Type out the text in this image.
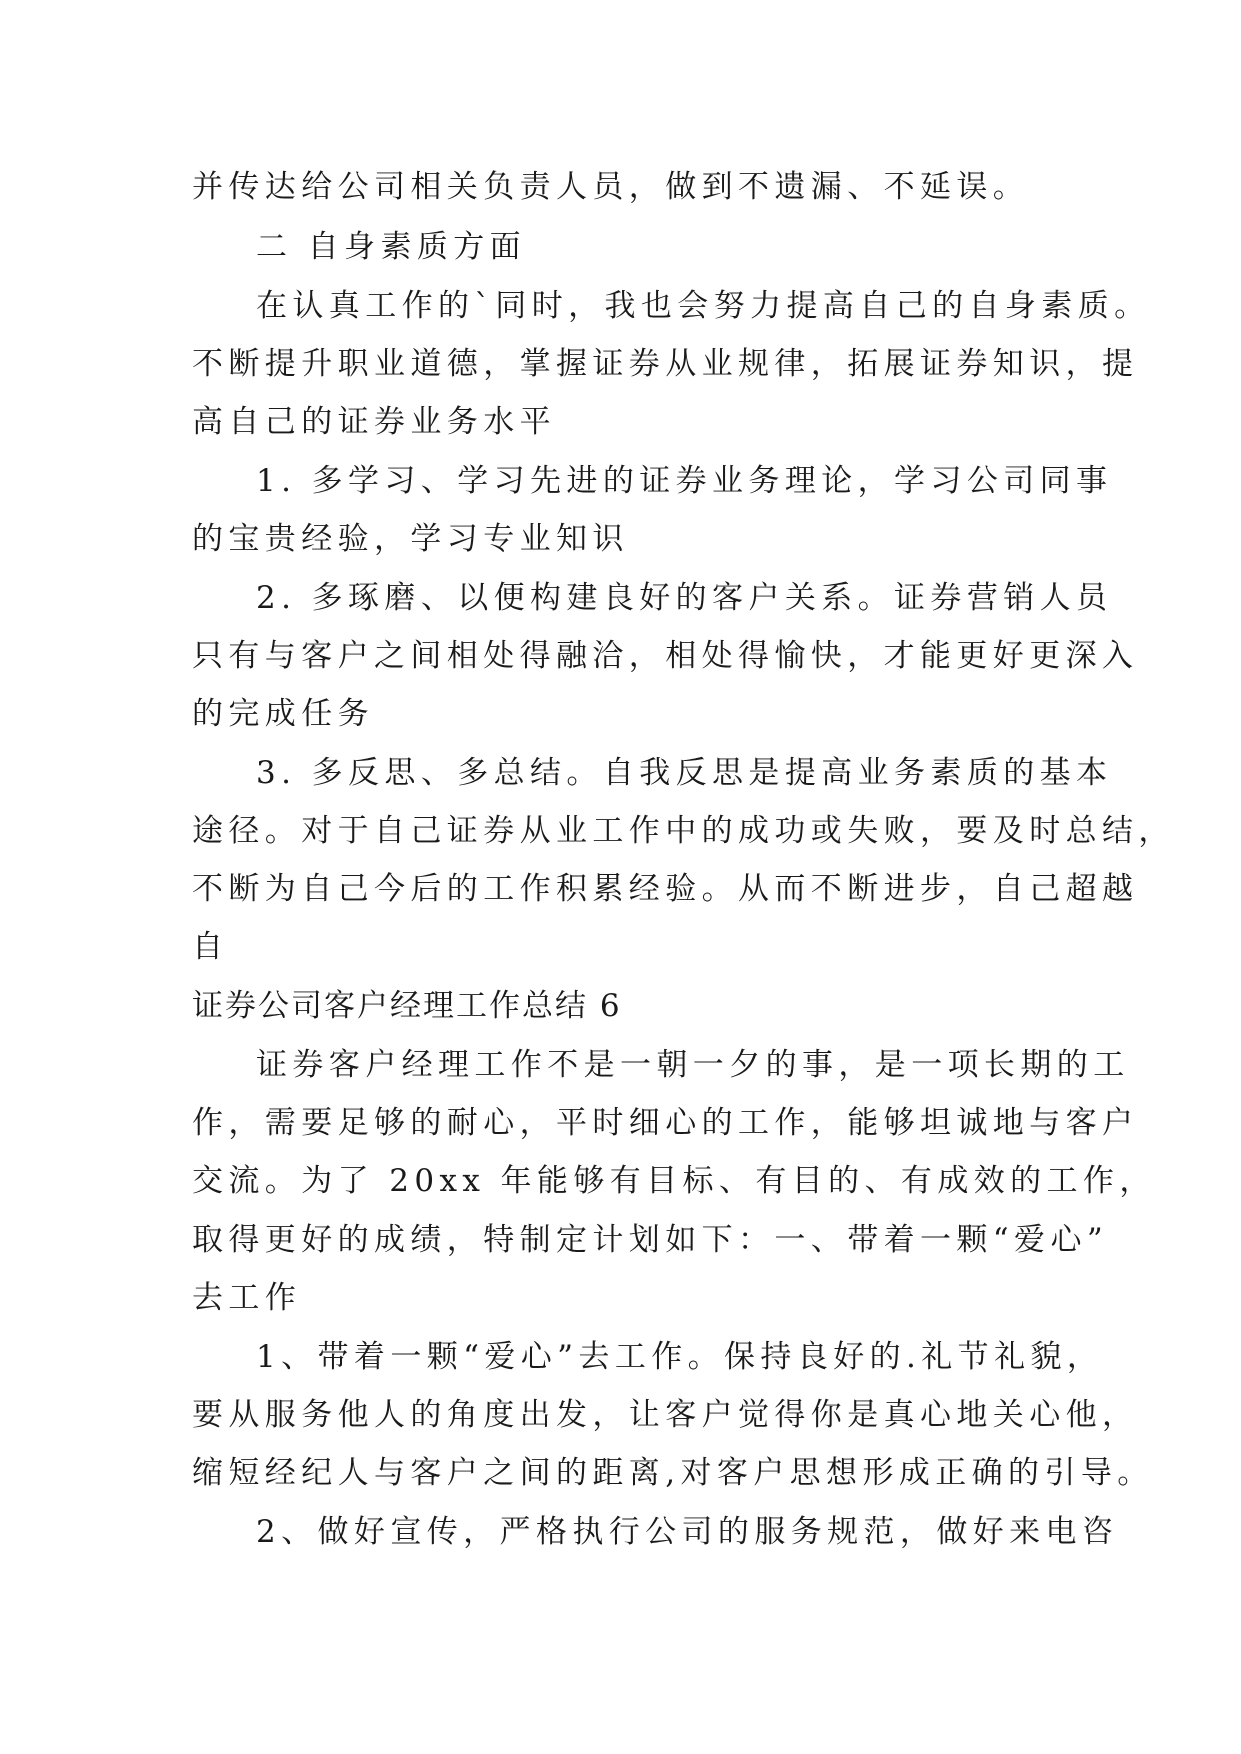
并传达给公司相关负责人员，做到不遗漏、不延误。
二 自身素质方面
在认真工作的`同时，我也会努力提高自己的自身素质。
不断提升职业道德，掌握证券从业规律，拓展证券知识，提
高自己的证券业务水平
1. 多学习、学习先进的证券业务理论，学习公司同事
的宝贵经验，学习专业知识
2. 多琢磨、以便构建良好的客户关系。证券营销人员
只有与客户之间相处得融洽，相处得愉快，才能更好更深入
的完成任务
3. 多反思、多总结。自我反思是提高业务素质的基本
途径。对于自己证券从业工作中的成功或失败，要及时总结，
不断为自己今后的工作积累经验。从而不断进步，自己超越
自
证券公司客户经理工作总结 6
证券客户经理工作不是一朝一夕的事，是一项长期的工
作，需要足够的耐心，平时细心的工作，能够坦诚地与客户
交流。为了 20xx 年能够有目标、有目的、有成效的工作，
取得更好的成绩，特制定计划如下：一、带着一颗“爱心”
去工作
1、带着一颗“爱心”去工作。保持良好的.礼节礼貌，
要从服务他人的角度出发，让客户觉得你是真心地关心他，
缩短经纪人与客户之间的距离,对客户思想形成正确的引导。
2、做好宣传，严格执行公司的服务规范，做好来电咨
